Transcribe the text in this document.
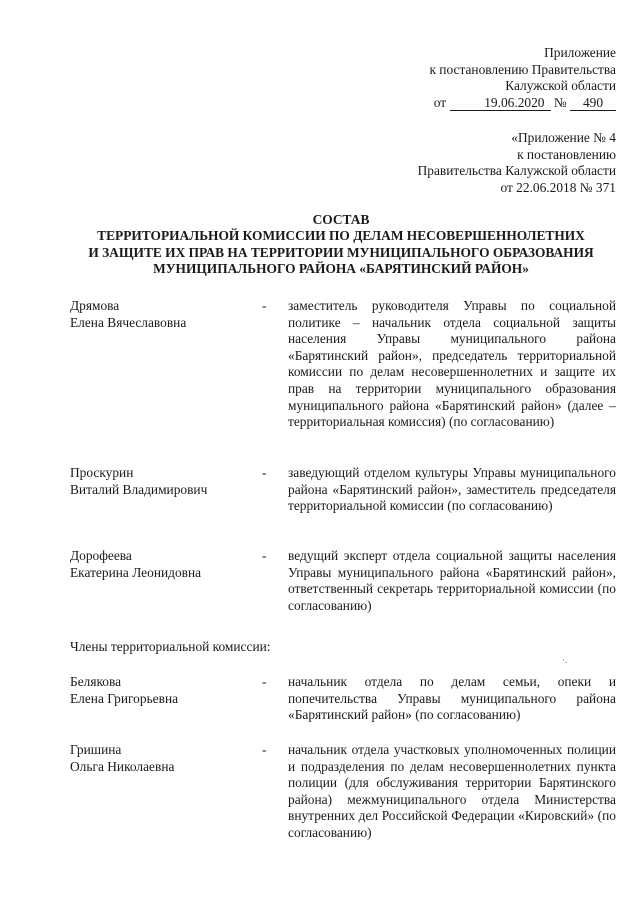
Приложение
к постановлению Правительства
Калужской области
от	19.06.2020 № 490
«Приложение № 4
к постановлению
Правительства Калужской области
от 22.06.2018 № 371
СОСТАВ
ТЕРРИТОРИАЛЬНОЙ КОМИССИИ ПО ДЕЛАМ НЕСОВЕРШЕННОЛЕТНИХ
И ЗАЩИТЕ ИХ ПРАВ НА ТЕРРИТОРИИ МУНИЦИПАЛЬНОГО ОБРАЗОВАНИЯ
МУНИЦИПАЛЬНОГО РАЙОНА «БАРЯТИНСКИЙ РАЙОН»
Дрямова
Елена Вячеславовна
- заместитель руководителя Управы по социальной политике – начальник отдела социальной защиты населения Управы муниципального района «Барятинский район», председатель территориальной комиссии по делам несовершеннолетних и защите их прав на территории муниципального образования муниципального района «Барятинский район» (далее – территориальная комиссия) (по согласованию)
Проскурин
Виталий Владимирович
- заведующий отделом культуры Управы муниципального района «Барятинский район», заместитель председателя территориальной комиссии (по согласованию)
Дорофеева
Екатерина Леонидовна
- ведущий эксперт отдела социальной защиты населения Управы муниципального района «Барятинский район», ответственный секретарь территориальной комиссии (по согласованию)
Члены территориальной комиссии:
·.
Белякова
Елена Григорьевна
- начальник отдела по делам семьи, опеки и попечительства Управы муниципального района «Барятинский район» (по согласованию)
Гришина
Ольга Николаевна
- начальник отдела участковых уполномоченных полиции и подразделения по делам несовершеннолетних пункта полиции (для обслуживания территории Барятинского района) межмуниципального отдела Министерства внутренних дел Российской Федерации «Кировский» (по согласованию)
